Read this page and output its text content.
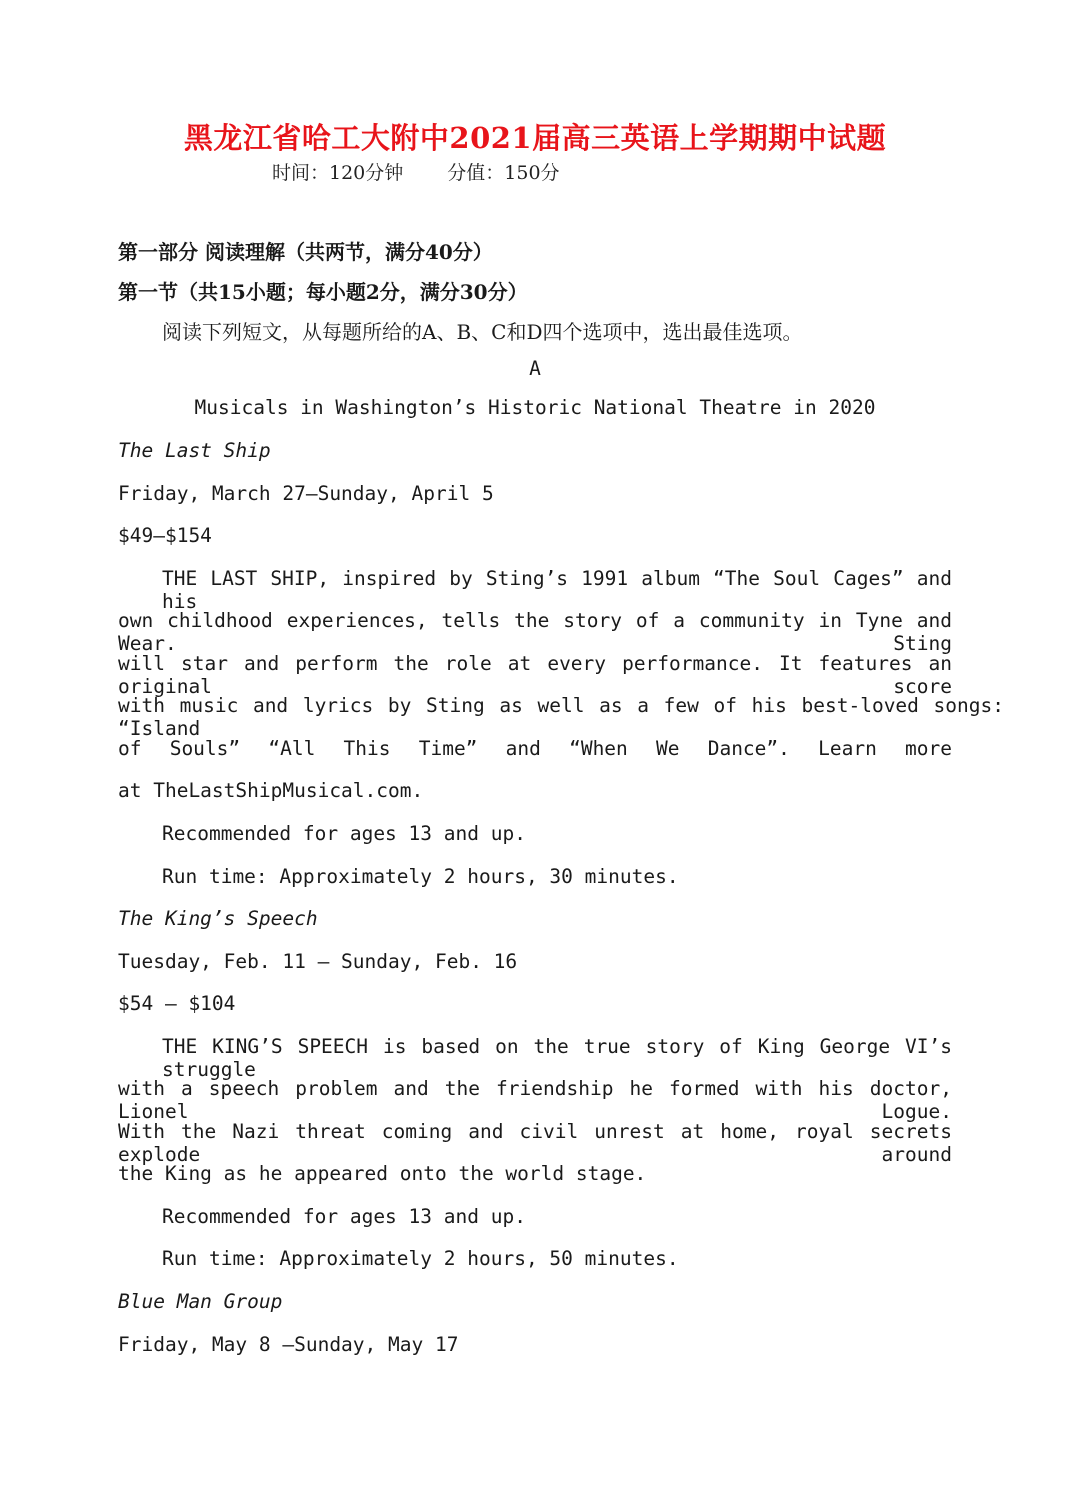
黑龙江省哈工大附中2021届高三英语上学期期中试题
时间：120分钟 分值：150分
第一部分 阅读理解（共两节，满分40分）
第一节（共15小题；每小题2分，满分30分）
阅读下列短文，从每题所给的A、B、C和D四个选项中，选出最佳选项。
A
Musicals in Washington’s Historic National Theatre in 2020
The Last Ship
Friday, March 27—Sunday, April 5
$49—$154
THE LAST SHIP, inspired by Sting’s 1991 album “The Soul Cages” and his
own childhood experiences, tells the story of a community in Tyne and Wear. Sting
will star and perform the role at every performance. It features an original score
with music and lyrics by Sting as well as a few of his best-loved songs: “Island
of Souls” “All This Time” and “When We Dance”. Learn more
at TheLastShipMusical.com.
Recommended for ages 13 and up.
Run time: Approximately 2 hours, 30 minutes.
The King’s Speech
Tuesday, Feb. 11 — Sunday, Feb. 16
$54 — $104
THE KING’S SPEECH is based on the true story of King George VI’s struggle
with a speech problem and the friendship he formed with his doctor, Lionel Logue.
With the Nazi threat coming and civil unrest at home, royal secrets explode around
the King as he appeared onto the world stage.
Recommended for ages 13 and up.
Run time: Approximately 2 hours, 50 minutes.
Blue Man Group
Friday, May 8 —Sunday, May 17
